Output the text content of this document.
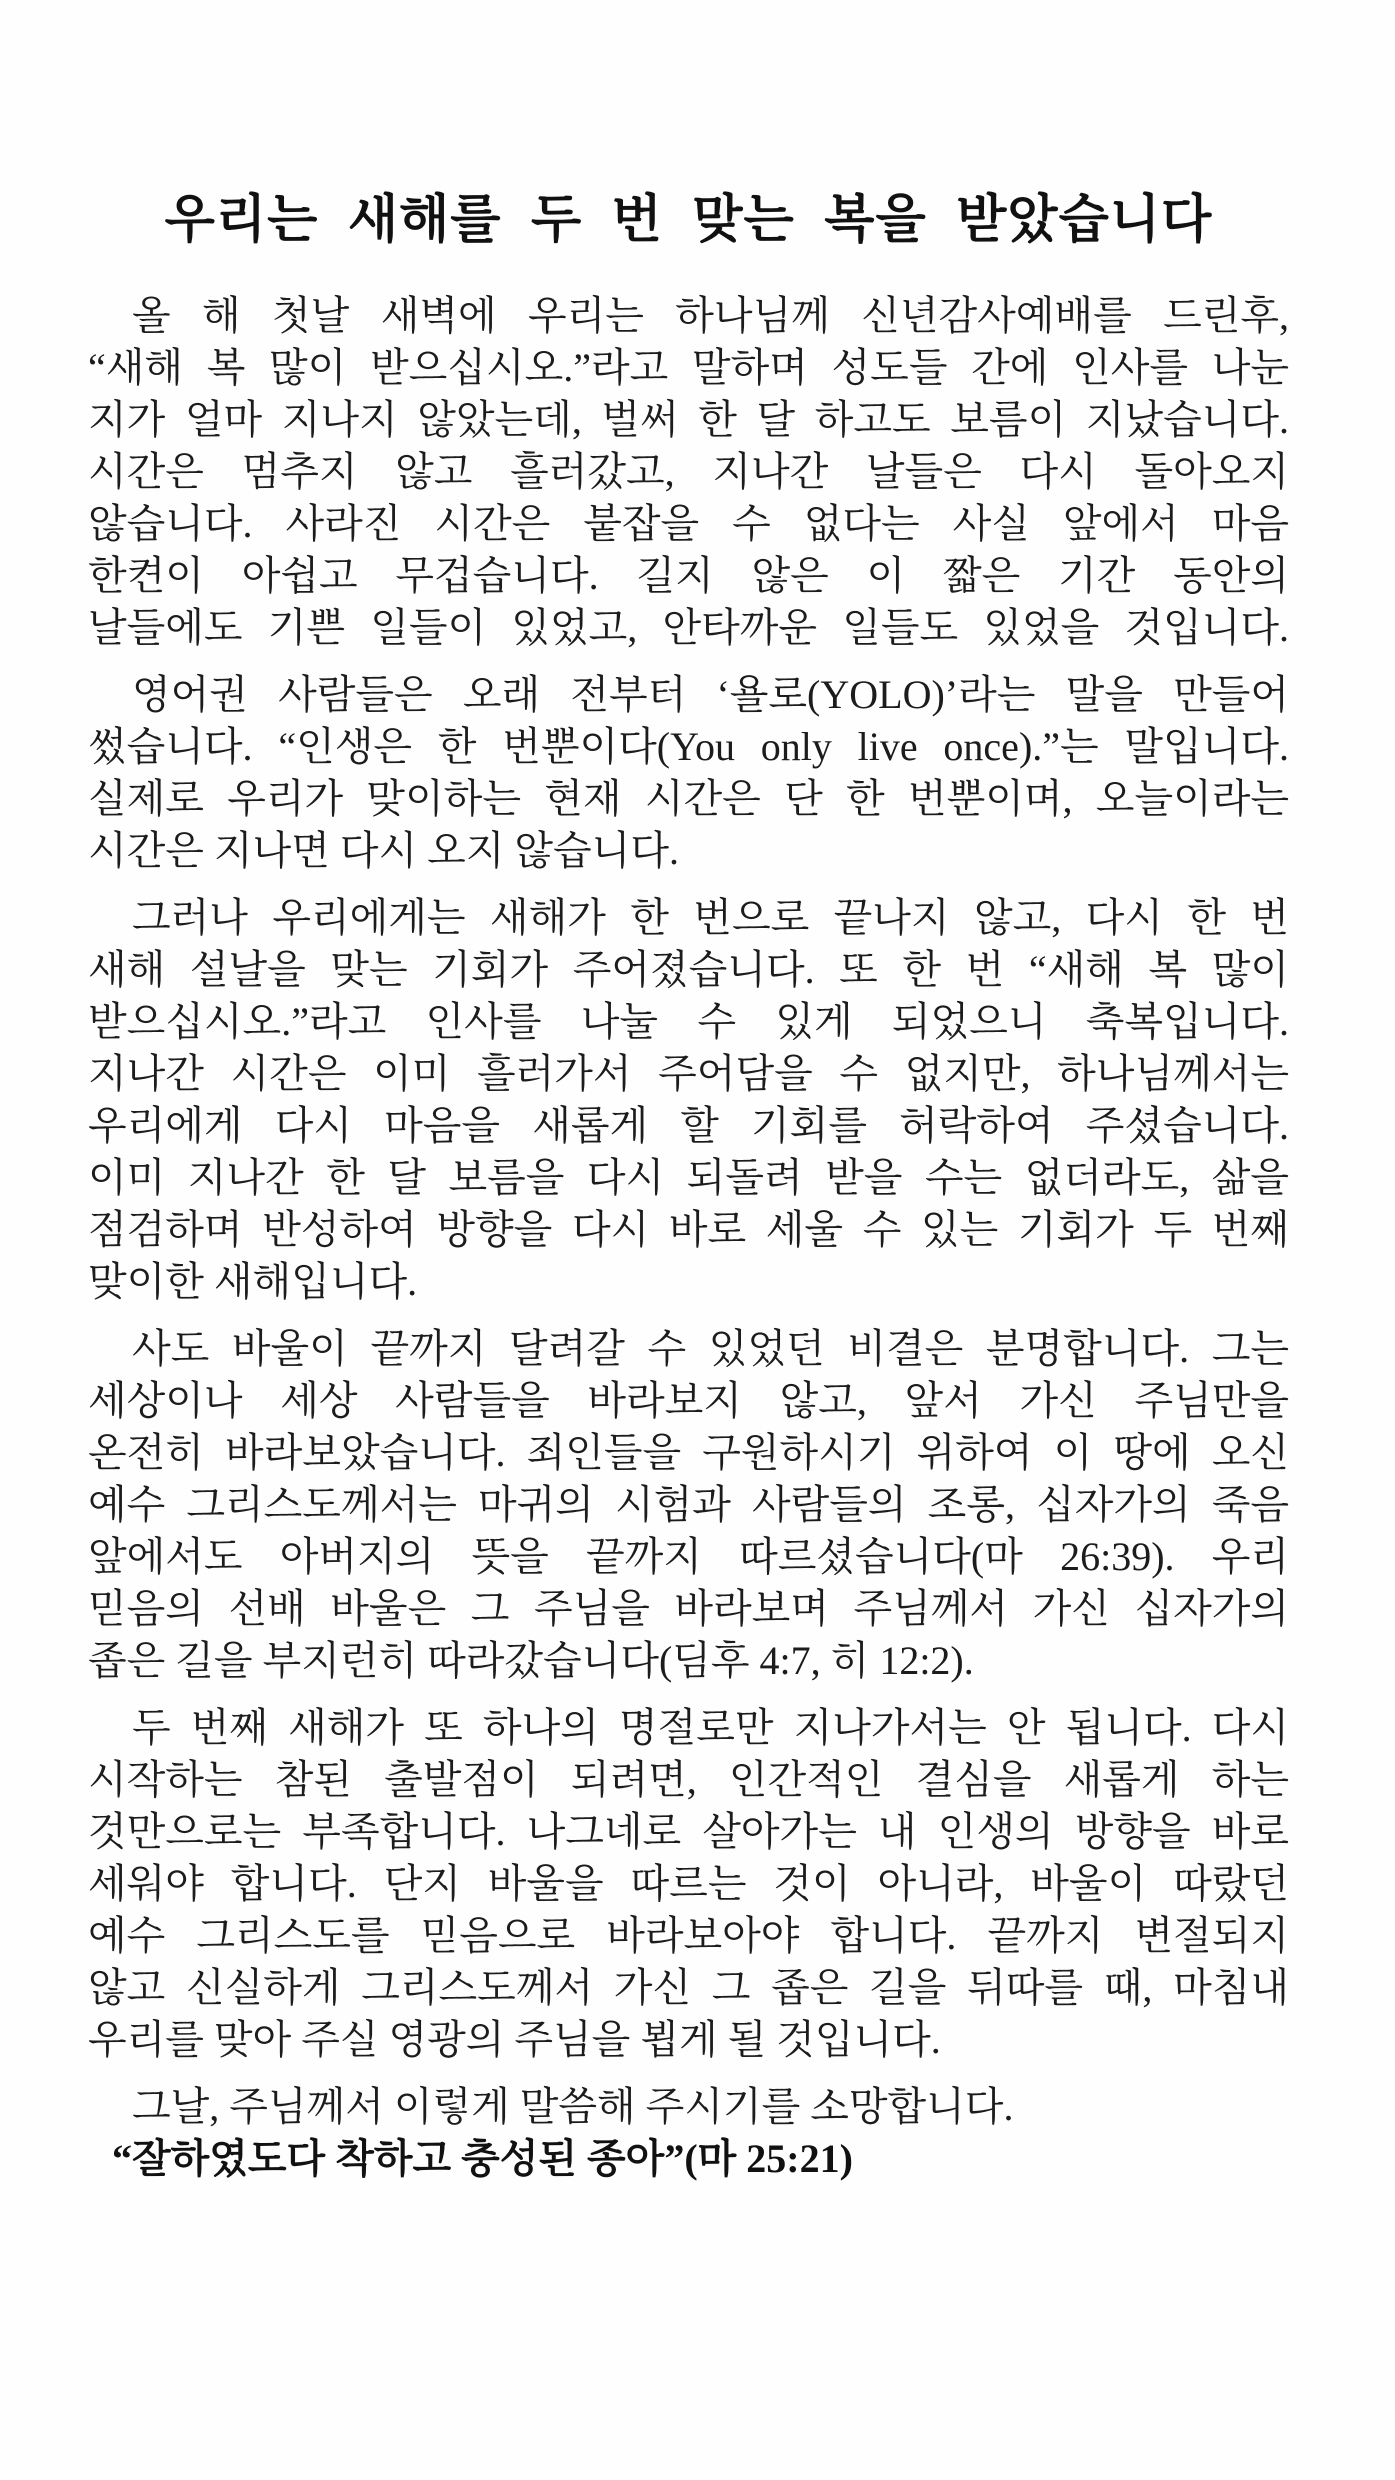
우리는 새해를 두 번 맞는 복을 받았습니다
올 해 첫날 새벽에 우리는 하나님께 신년감사예배를 드린후,
“새해 복 많이 받으십시오.”라고 말하며 성도들 간에 인사를 나눈
지가 얼마 지나지 않았는데, 벌써 한 달 하고도 보름이 지났습니다.
시간은 멈추지 않고 흘러갔고, 지나간 날들은 다시 돌아오지
않습니다. 사라진 시간은 붙잡을 수 없다는 사실 앞에서 마음
한켠이 아쉽고 무겁습니다. 길지 않은 이 짧은 기간 동안의
날들에도 기쁜 일들이 있었고, 안타까운 일들도 있었을 것입니다.
영어권 사람들은 오래 전부터 ‘욜로(YOLO)’라는 말을 만들어
썼습니다. “인생은 한 번뿐이다(You only live once).”는 말입니다.
실제로 우리가 맞이하는 현재 시간은 단 한 번뿐이며, 오늘이라는
시간은 지나면 다시 오지 않습니다.
그러나 우리에게는 새해가 한 번으로 끝나지 않고, 다시 한 번
새해 설날을 맞는 기회가 주어졌습니다. 또 한 번 “새해 복 많이
받으십시오.”라고 인사를 나눌 수 있게 되었으니 축복입니다.
지나간 시간은 이미 흘러가서 주어담을 수 없지만, 하나님께서는
우리에게 다시 마음을 새롭게 할 기회를 허락하여 주셨습니다.
이미 지나간 한 달 보름을 다시 되돌려 받을 수는 없더라도, 삶을
점검하며 반성하여 방향을 다시 바로 세울 수 있는 기회가 두 번째
맞이한 새해입니다.
사도 바울이 끝까지 달려갈 수 있었던 비결은 분명합니다. 그는
세상이나 세상 사람들을 바라보지 않고, 앞서 가신 주님만을
온전히 바라보았습니다. 죄인들을 구원하시기 위하여 이 땅에 오신
예수 그리스도께서는 마귀의 시험과 사람들의 조롱, 십자가의 죽음
앞에서도 아버지의 뜻을 끝까지 따르셨습니다(마 26:39). 우리
믿음의 선배 바울은 그 주님을 바라보며 주님께서 가신 십자가의
좁은 길을 부지런히 따라갔습니다(딤후 4:7, 히 12:2).
두 번째 새해가 또 하나의 명절로만 지나가서는 안 됩니다. 다시
시작하는 참된 출발점이 되려면, 인간적인 결심을 새롭게 하는
것만으로는 부족합니다. 나그네로 살아가는 내 인생의 방향을 바로
세워야 합니다. 단지 바울을 따르는 것이 아니라, 바울이 따랐던
예수 그리스도를 믿음으로 바라보아야 합니다. 끝까지 변절되지
않고 신실하게 그리스도께서 가신 그 좁은 길을 뒤따를 때, 마침내
우리를 맞아 주실 영광의 주님을 뵙게 될 것입니다.
그날, 주님께서 이렇게 말씀해 주시기를 소망합니다.
“잘하였도다 착하고 충성된 종아”(마 25:21)
